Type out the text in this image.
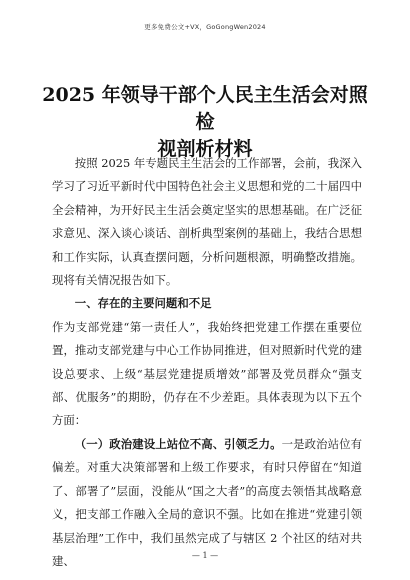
更多免费公文+VX，GoGongWen2024
2025 年领导干部个人民主生活会对照检
视剖析材料

按照 2025 年专题民主生活会的工作部署，会前，我深入学习了习近平新时代中国特色社会主义思想和党的二十届四中全会精神，为开好民主生活会奠定坚实的思想基础。在广泛征求意见、深入谈心谈话、剖析典型案例的基础上，我结合思想和工作实际，认真查摆问题，分析问题根源，明确整改措施。现将有关情况报告如下。

一、存在的主要问题和不足

作为支部党建“第一责任人”，我始终把党建工作摆在重要位置，推动支部党建与中心工作协同推进，但对照新时代党的建设总要求、上级“基层党建提质增效”部署及党员群众“强支部、优服务”的期盼，仍存在不少差距。具体表现为以下五个方面：

（一）政治建设上站位不高、引领乏力。一是政治站位有偏差。对重大决策部署和上级工作要求，有时只停留在“知道了、部署了”层面，没能从“国之大者”的高度去领悟其战略意义，把支部工作融入全局的意识不强。比如在推进“党建引领基层治理”工作中，我们虽然完成了与辖区 2 个社区的结对共建、	— 1 —
